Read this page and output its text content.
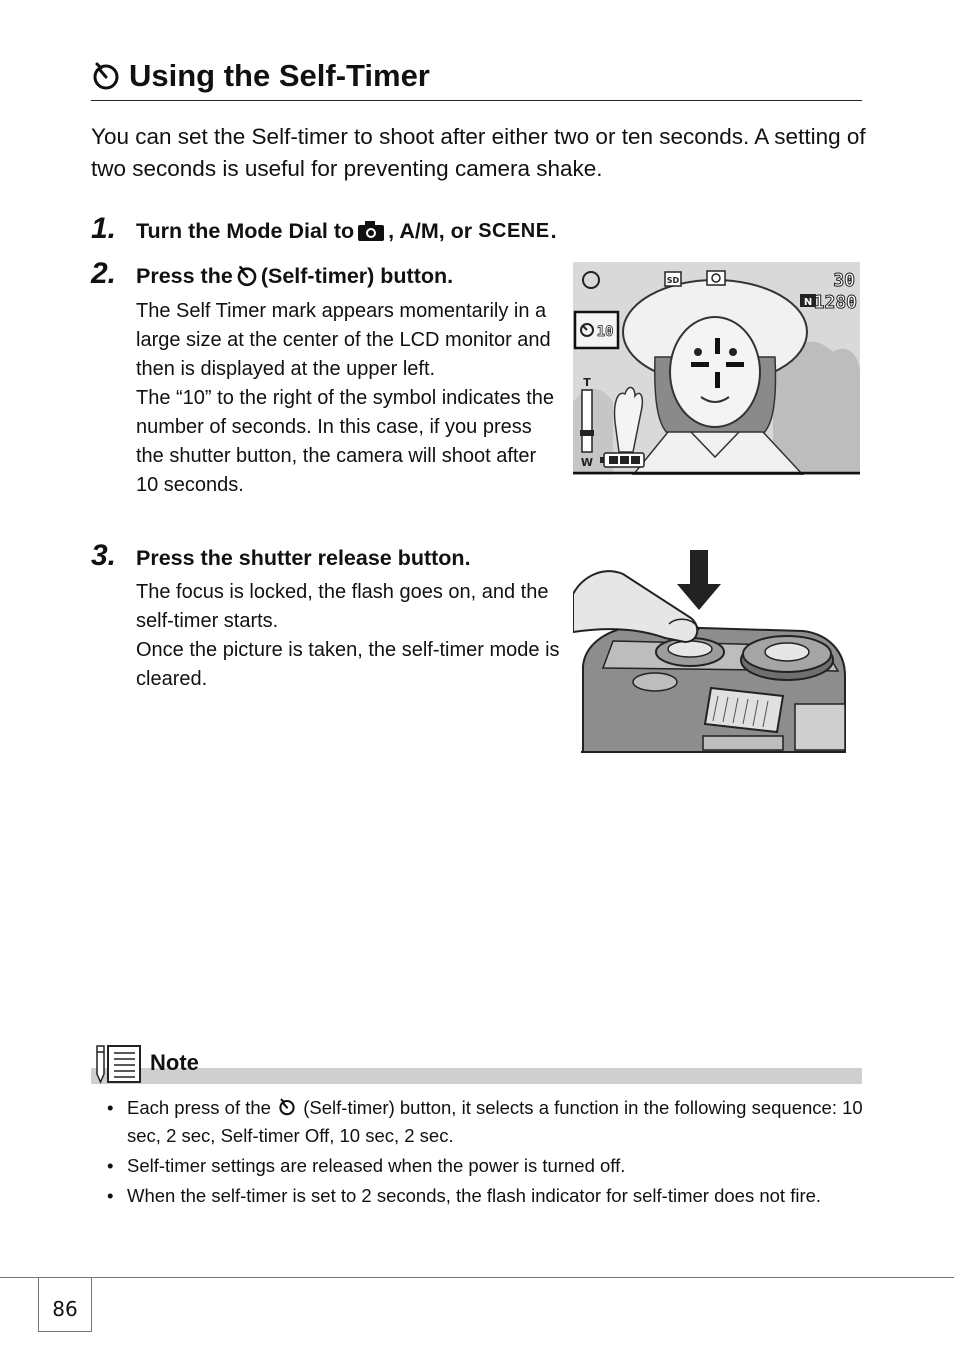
Using the Self-Timer
You can set the Self-timer to shoot after either two or ten seconds. A setting of two seconds is useful for preventing camera shake.
1. Turn the Mode Dial to , A/M, or SCENE .
2. Press the (Self-timer) button.

The Self Timer mark appears momentarily in a large size at the center of the LCD monitor and then is displayed at the upper left.

The “10” to the right of the symbol indicates the number of seconds. In this case, if you press the shutter button, the camera will shoot after 10 seconds.

SD	30
N 1280
10
T
W
3. Press the shutter release button.

The focus is locked, the flash goes on, and the self-timer starts.

Once the picture is taken, the self-timer mode is cleared.

Note
• Each press of the (Self-timer) button, it selects a function in the following sequence: 10 sec, 2 sec, Self-timer Off, 10 sec, 2 sec.
• Self-timer settings are released when the power is turned off.
• When the self-timer is set to 2 seconds, the flash indicator for self-timer does not fire.
86
